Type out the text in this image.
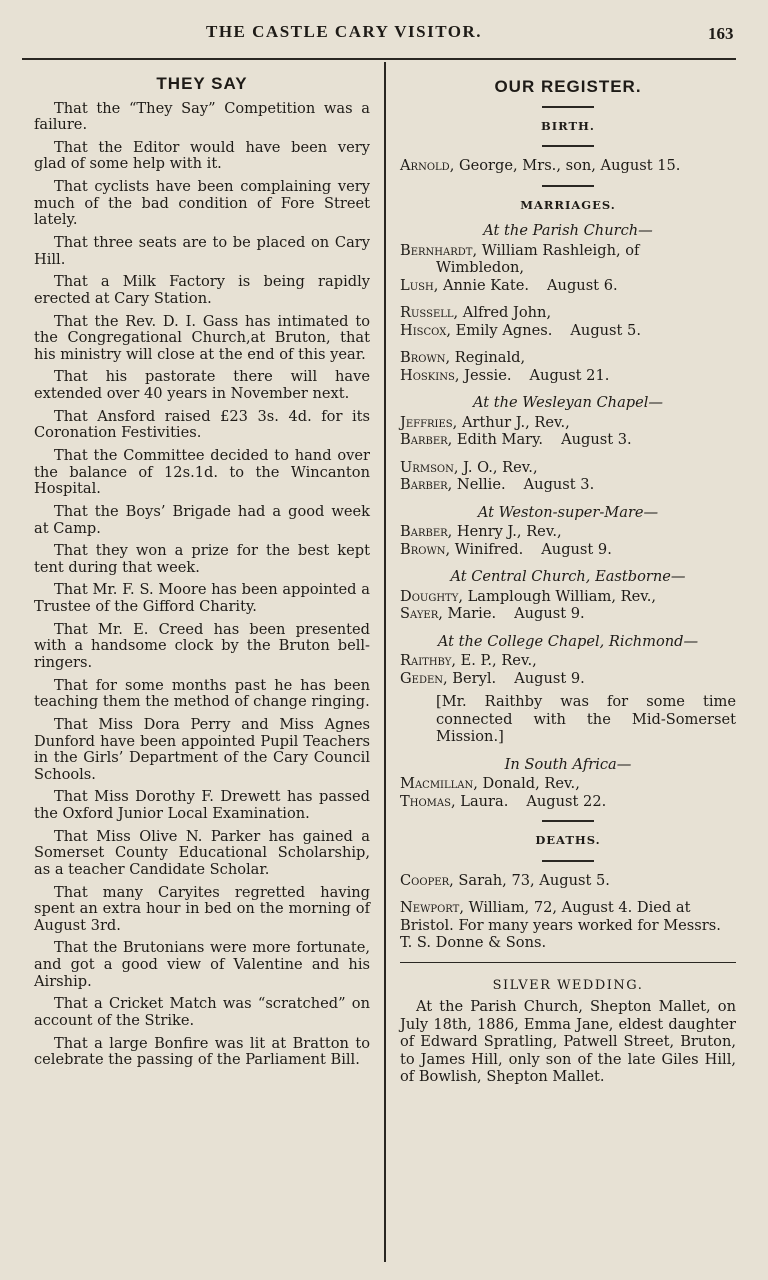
THE CASTLE CARY VISITOR.	163
THEY SAY

That the “They Say” Competition was a failure.

That the Editor would have been very glad of some help with it.

That cyclists have been complaining very much of the bad condition of Fore Street lately.

That three seats are to be placed on Cary Hill.

That a Milk Factory is being rapidly erected at Cary Station.

That the Rev. D. I. Gass has intimated to the Congregational Church,at Bruton, that his ministry will close at the end of this year.

That his pastorate there will have extended over 40 years in November next.

That Ansford raised £23 3s. 4d. for its Coronation Festivities.

That the Committee decided to hand over the balance of 12s.1d. to the Wincanton Hospital.

That the Boys’ Brigade had a good week at Camp.

That they won a prize for the best kept tent during that week.

That Mr. F. S. Moore has been appointed a Trustee of the Gifford Charity.

That Mr. E. Creed has been presented with a handsome clock by the Bruton bell-ringers.

That for some months past he has been teaching them the method of change ringing.

That Miss Dora Perry and Miss Agnes Dunford have been appointed Pupil Teachers in the Girls’ Department of the Cary Council Schools.

That Miss Dorothy F. Drewett has passed the Oxford Junior Local Examination.

That Miss Olive N. Parker has gained a Somerset County Educational Scholarship, as a teacher Candidate Scholar.

That many Caryites regretted having spent an extra hour in bed on the morning of August 3rd.

That the Brutonians were more fortunate, and got a good view of Valentine and his Airship.

That a Cricket Match was “scratched” on account of the Strike.

That a large Bonfire was lit at Bratton to celebrate the passing of the Parliament Bill.

OUR REGISTER.
BIRTH.
Arnold, George, Mrs., son, August 15.
MARRIAGES.
At the Parish Church—
Bernhardt, William Rashleigh, of
Wimbledon,
Lush, Annie Kate. August 6.
Russell, Alfred John,
Hiscox, Emily Agnes. August 5.
Brown, Reginald,
Hoskins, Jessie. August 21.
At the Wesleyan Chapel—
Jeffries, Arthur J., Rev.,
Barber, Edith Mary. August 3.
Urmson, J. O., Rev.,
Barber, Nellie. August 3.
At Weston-super-Mare—
Barber, Henry J., Rev.,
Brown, Winifred. August 9.
At Central Church, Eastborne—
Doughty, Lamplough William, Rev.,
Sayer, Marie. August 9.
At the College Chapel, Richmond—
Raithby, E. P., Rev.,
Geden, Beryl. August 9.
[Mr. Raithby was for some time connected with the Mid-Somerset Mission.]
In South Africa—
Macmillan, Donald, Rev.,
Thomas, Laura. August 22.
DEATHS.
Cooper, Sarah, 73, August 5.
Newport, William, 72, August 4. Died at Bristol. For many years worked for Messrs. T. S. Donne & Sons.
SILVER WEDDING.
At the Parish Church, Shepton Mallet, on July 18th, 1886, Emma Jane, eldest daughter of Edward Spratling, Patwell Street, Bruton, to James Hill, only son of the late Giles Hill, of Bowlish, Shepton Mallet.
